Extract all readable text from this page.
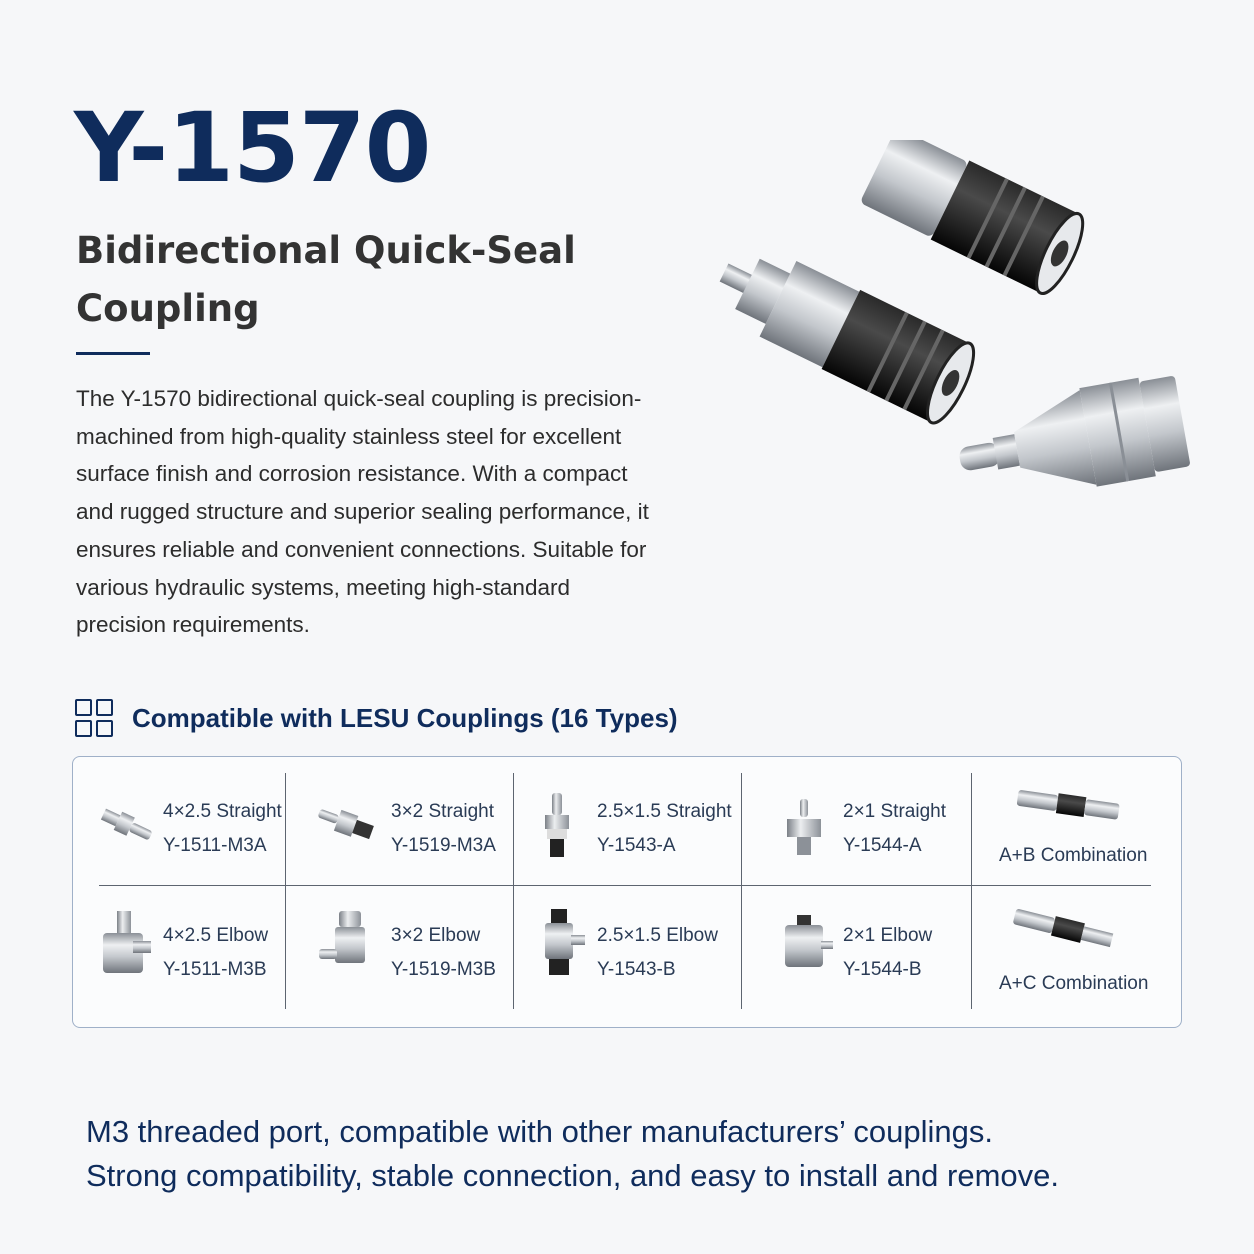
Y-1570
Bidirectional Quick-Seal Coupling
The Y-1570 bidirectional quick-seal coupling is precision-machined from high-quality stainless steel for excellent surface finish and corrosion resistance. With a compact and rugged structure and superior sealing performance, it ensures reliable and convenient connections. Suitable for various hydraulic systems, meeting high-standard precision requirements.
Compatible with LESU Couplings (16 Types)
4×2.5 Straight
Y-1511-M3A
3×2 Straight
Y-1519-M3A
2.5×1.5 Straight
Y-1543-A
2×1 Straight
Y-1544-A	A+B Combination
4×2.5 Elbow
Y-1511-M3B
3×2 Elbow
Y-1519-M3B
2.5×1.5 Elbow
Y-1543-B
2×1 Elbow
Y-1544-B
A+C Combination
M3 threaded port, compatible with other manufacturers’ couplings.
Strong compatibility, stable connection, and easy to install and remove.
